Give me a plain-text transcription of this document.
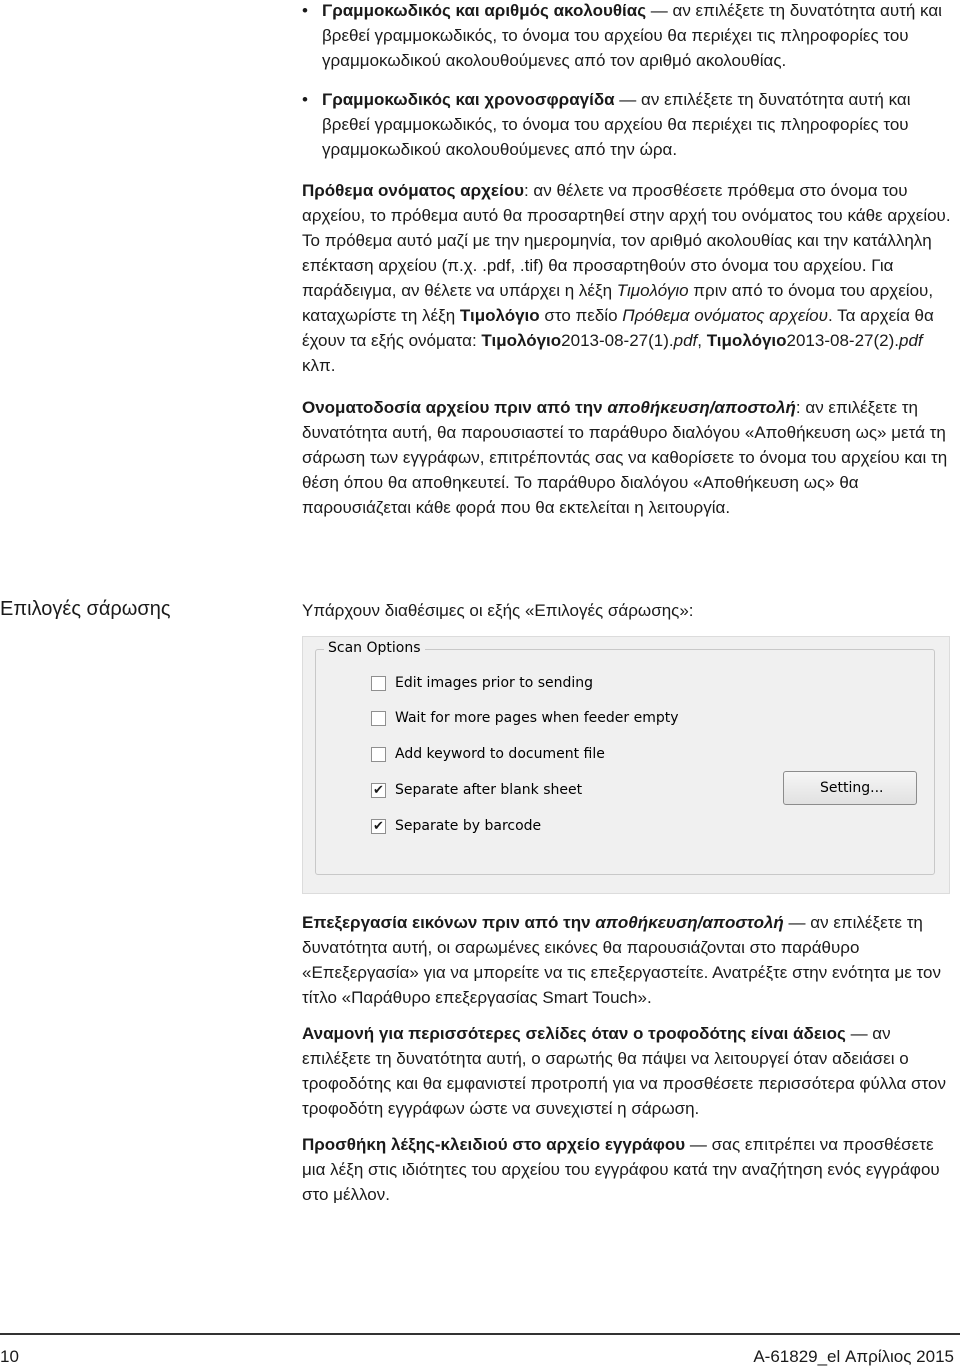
• Γραμμοκωδικός και αριθμός ακολουθίας — αν επιλέξετε τη δυνατότητα αυτή και βρεθεί γραμμοκωδικός, το όνομα του αρχείου θα περιέχει τις πληροφορίες του γραμμοκωδικού ακολουθούμενες από τον αριθμό ακολουθίας.
• Γραμμοκωδικός και χρονοσφραγίδα — αν επιλέξετε τη δυνατότητα αυτή και βρεθεί γραμμοκωδικός, το όνομα του αρχείου θα περιέχει τις πληροφορίες του γραμμοκωδικού ακολουθούμενες από την ώρα.

Πρόθεμα ονόματος αρχείου: αν θέλετε να προσθέσετε πρόθεμα στο όνομα του αρχείου, το πρόθεμα αυτό θα προσαρτηθεί στην αρχή του ονόματος του κάθε αρχείου. Το πρόθεμα αυτό μαζί με την ημερομηνία, τον αριθμό ακολουθίας και την κατάλληλη επέκταση αρχείου (π.χ. .pdf, .tif) θα προσαρτηθούν στο όνομα του αρχείου. Για παράδειγμα, αν θέλετε να υπάρχει η λέξη Τιμολόγιο πριν από το όνομα του αρχείου, καταχωρίστε τη λέξη Τιμολόγιο στο πεδίο Πρόθεμα ονόματος αρχείου. Τα αρχεία θα έχουν τα εξής ονόματα: Τιμολόγιο2013-08-27(1).pdf, Τιμολόγιο2013-08-27(2).pdf κλπ.

Ονοματοδοσία αρχείου πριν από την αποθήκευση/αποστολή: αν επιλέξετε τη δυνατότητα αυτή, θα παρουσιαστεί το παράθυρο διαλόγου «Αποθήκευση ως» μετά τη σάρωση των εγγράφων, επιτρέποντάς σας να καθορίσετε το όνομα του αρχείου και τη θέση όπου θα αποθηκευτεί. Το παράθυρο διαλόγου «Αποθήκευση ως» θα παρουσιάζεται κάθε φορά που θα εκτελείται η λειτουργία.

Επιλογές σάρωσης	Υπάρχουν διαθέσιμες οι εξής «Επιλογές σάρωσης»:
Scan Options
Edit images prior to sending
Wait for more pages when feeder empty
Add keyword to document file
✔ Separate after blank sheet
✔ Separate by barcode
Setting...

Επεξεργασία εικόνων πριν από την αποθήκευση/αποστολή — αν επιλέξετε τη δυνατότητα αυτή, οι σαρωμένες εικόνες θα παρουσιάζονται στο παράθυρο «Επεξεργασία» για να μπορείτε να τις επεξεργαστείτε. Ανατρέξτε στην ενότητα με τον τίτλο «Παράθυρο επεξεργασίας Smart Touch».

Αναμονή για περισσότερες σελίδες όταν ο τροφοδότης είναι άδειος — αν επιλέξετε τη δυνατότητα αυτή, ο σαρωτής θα πάψει να λειτουργεί όταν αδειάσει ο τροφοδότης και θα εμφανιστεί προτροπή για να προσθέσετε περισσότερα φύλλα στον τροφοδότη εγγράφων ώστε να συνεχιστεί η σάρωση.

Προσθήκη λέξης-κλειδιού στο αρχείο εγγράφου — σας επιτρέπει να προσθέσετε μια λέξη στις ιδιότητες του αρχείου του εγγράφου κατά την αναζήτηση ενός εγγράφου στο μέλλον.

10	A-61829_el Απρίλιος 2015
